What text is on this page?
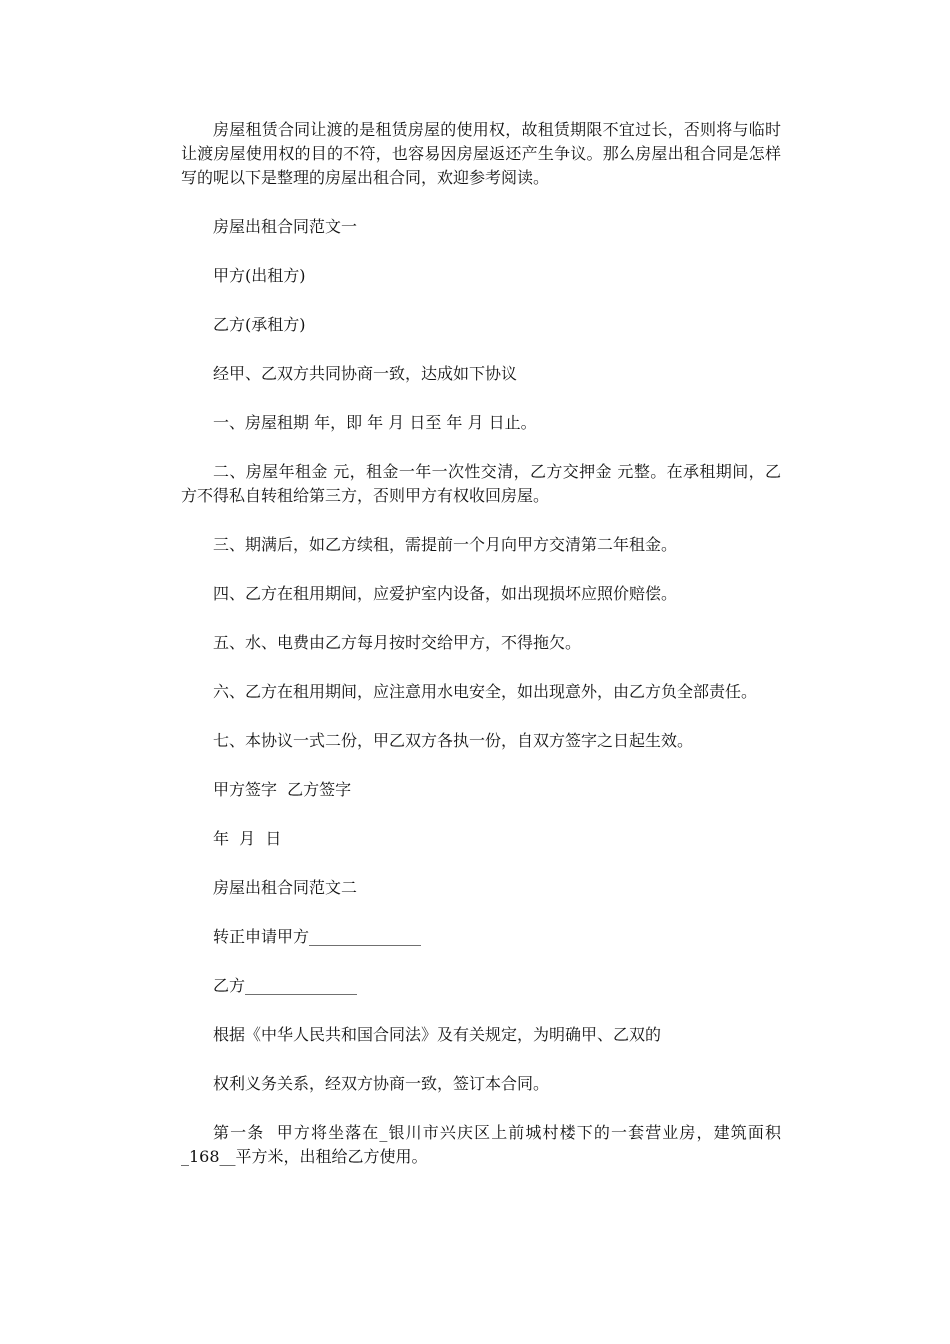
房屋租赁合同让渡的是租赁房屋的使用权，故租赁期限不宜过长，否则将与临时让渡房屋使用权的目的不符，也容易因房屋返还产生争议。那么房屋出租合同是怎样写的呢以下是整理的房屋出租合同，欢迎参考阅读。

房屋出租合同范文一

甲方(出租方)

乙方(承租方)

经甲、乙双方共同协商一致，达成如下协议

一、房屋租期 年，即 年 月 日至 年 月 日止。

二、房屋年租金 元，租金一年一次性交清，乙方交押金 元整。在承租期间，乙方不得私自转租给第三方，否则甲方有权收回房屋。

三、期满后，如乙方续租，需提前一个月向甲方交清第二年租金。

四、乙方在租用期间，应爱护室内设备，如出现损坏应照价赔偿。

五、水、电费由乙方每月按时交给甲方，不得拖欠。

六、乙方在租用期间，应注意用水电安全，如出现意外，由乙方负全部责任。

七、本协议一式二份，甲乙双方各执一份，自双方签字之日起生效。

甲方签字  乙方签字

年  月  日

房屋出租合同范文二

转正申请甲方______________

乙方______________

根据《中华人民共和国合同法》及有关规定，为明确甲、乙双的

权利义务关系，经双方协商一致，签订本合同。

第一条  甲方将坐落在_银川市兴庆区上前城村楼下的一套营业房，建筑面积_168__平方米，出租给乙方使用。
